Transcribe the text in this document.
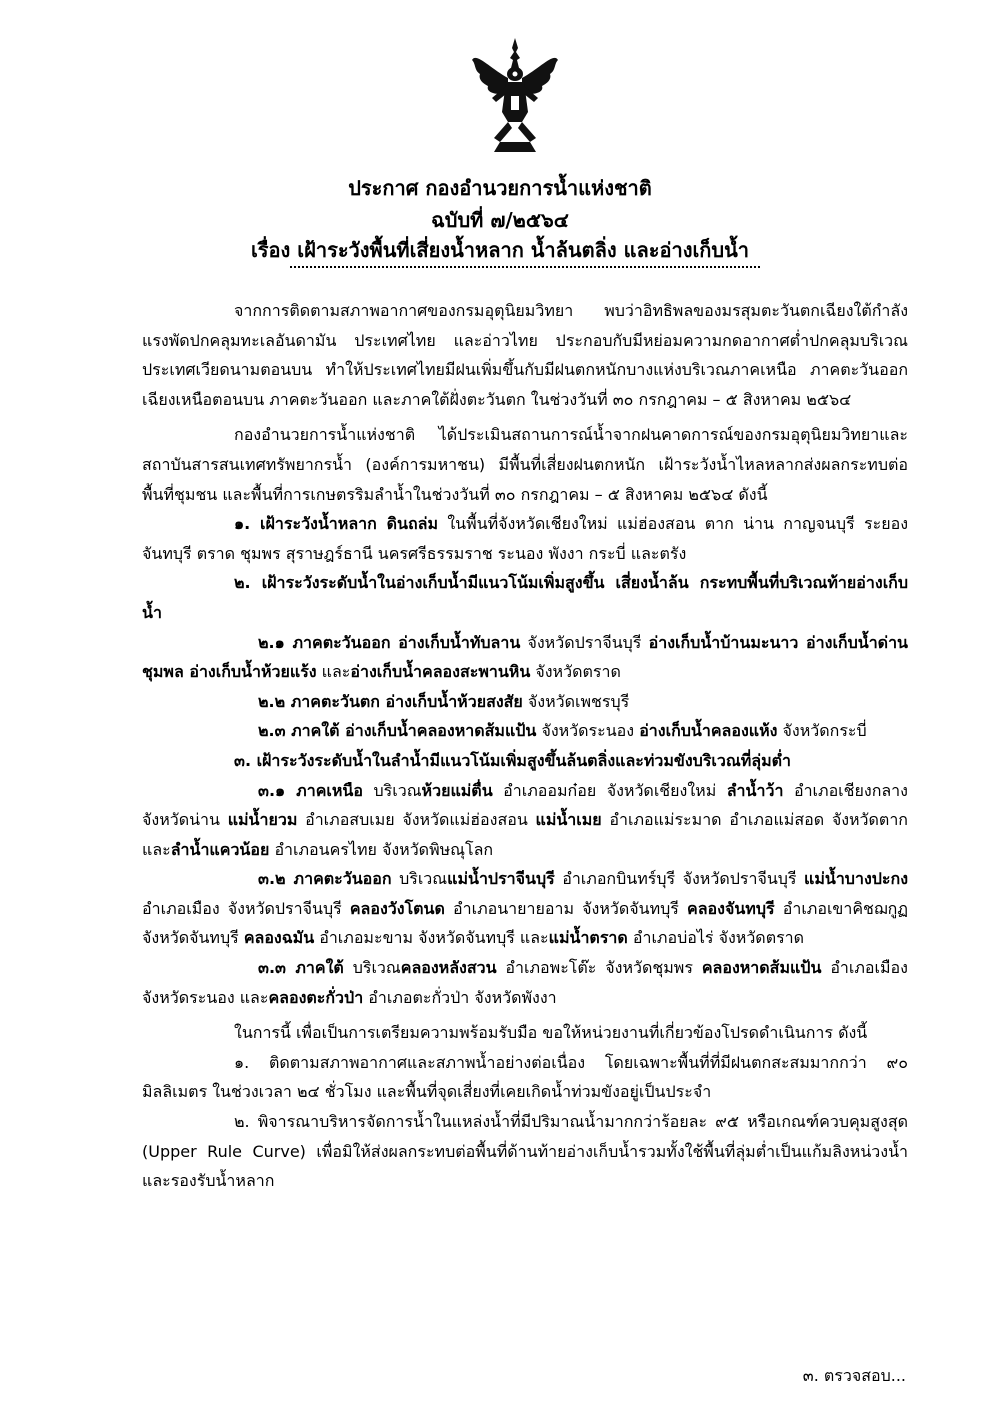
ประกาศ กองอำนวยการน้ำแห่งชาติ
ฉบับที่ ๗/๒๕๖๔
เรื่อง เฝ้าระวังพื้นที่เสี่ยงน้ำหลาก น้ำล้นตลิ่ง และอ่างเก็บน้ำ

จากการติดตามสภาพอากาศของกรมอุตุนิยมวิทยา พบว่าอิทธิพลของมรสุมตะวันตกเฉียงใต้กำลังแรงพัดปกคลุมทะเลอันดามัน ประเทศไทย และอ่าวไทย ประกอบกับมีหย่อมความกดอากาศต่ำปกคลุมบริเวณประเทศเวียดนามตอนบน ทำให้ประเทศไทยมีฝนเพิ่มขึ้นกับมีฝนตกหนักบางแห่งบริเวณภาคเหนือ ภาคตะวันออกเฉียงเหนือตอนบน ภาคตะวันออก และภาคใต้ฝั่งตะวันตก ในช่วงวันที่ ๓๐ กรกฎาคม – ๕ สิงหาคม ๒๕๖๔

กองอำนวยการน้ำแห่งชาติ ได้ประเมินสถานการณ์น้ำจากฝนคาดการณ์ของกรมอุตุนิยมวิทยาและสถาบันสารสนเทศทรัพยากรน้ำ (องค์การมหาชน) มีพื้นที่เสี่ยงฝนตกหนัก เฝ้าระวังน้ำไหลหลากส่งผลกระทบต่อพื้นที่ชุมชน และพื้นที่การเกษตรริมลำน้ำในช่วงวันที่ ๓๐ กรกฎาคม – ๕ สิงหาคม ๒๕๖๔ ดังนี้

๑. เฝ้าระวังน้ำหลาก ดินถล่ม ในพื้นที่จังหวัดเชียงใหม่ แม่ฮ่องสอน ตาก น่าน กาญจนบุรี ระยอง จันทบุรี ตราด ชุมพร สุราษฎร์ธานี นครศรีธรรมราช ระนอง พังงา กระบี่ และตรัง

๒. เฝ้าระวังระดับน้ำในอ่างเก็บน้ำมีแนวโน้มเพิ่มสูงขึ้น เสี่ยงน้ำล้น กระทบพื้นที่บริเวณท้ายอ่างเก็บน้ำ

๒.๑ ภาคตะวันออก อ่างเก็บน้ำทับลาน จังหวัดปราจีนบุรี อ่างเก็บน้ำบ้านมะนาว อ่างเก็บน้ำด่านชุมพล อ่างเก็บน้ำห้วยแร้ง และอ่างเก็บน้ำคลองสะพานหิน จังหวัดตราด

๒.๒ ภาคตะวันตก อ่างเก็บน้ำห้วยสงสัย จังหวัดเพชรบุรี

๒.๓ ภาคใต้ อ่างเก็บน้ำคลองหาดส้มแป้น จังหวัดระนอง อ่างเก็บน้ำคลองแห้ง จังหวัดกระบี่

๓. เฝ้าระวังระดับน้ำในลำน้ำมีแนวโน้มเพิ่มสูงขึ้นล้นตลิ่งและท่วมขังบริเวณที่ลุ่มต่ำ

๓.๑ ภาคเหนือ บริเวณห้วยแม่ตื่น อำเภออมก๋อย จังหวัดเชียงใหม่ ลำน้ำว้า อำเภอเชียงกลาง จังหวัดน่าน แม่น้ำยวม อำเภอสบเมย จังหวัดแม่ฮ่องสอน แม่น้ำเมย อำเภอแม่ระมาด อำเภอแม่สอด จังหวัดตาก และลำน้ำแควน้อย อำเภอนครไทย จังหวัดพิษณุโลก

๓.๒ ภาคตะวันออก บริเวณแม่น้ำปราจีนบุรี อำเภอกบินทร์บุรี จังหวัดปราจีนบุรี แม่น้ำบางปะกง อำเภอเมือง จังหวัดปราจีนบุรี คลองวังโตนด อำเภอนายายอาม จังหวัดจันทบุรี คลองจันทบุรี อำเภอเขาคิชฌกูฏ จังหวัดจันทบุรี คลองฉมัน อำเภอมะขาม จังหวัดจันทบุรี และแม่น้ำตราด อำเภอบ่อไร่ จังหวัดตราด

๓.๓ ภาคใต้ บริเวณคลองหลังสวน อำเภอพะโต๊ะ จังหวัดชุมพร คลองหาดส้มแป้น อำเภอเมือง จังหวัดระนอง และคลองตะกั่วป่า อำเภอตะกั่วป่า จังหวัดพังงา

ในการนี้ เพื่อเป็นการเตรียมความพร้อมรับมือ ขอให้หน่วยงานที่เกี่ยวข้องโปรดดำเนินการ ดังนี้

๑. ติดตามสภาพอากาศและสภาพน้ำอย่างต่อเนื่อง โดยเฉพาะพื้นที่ที่มีฝนตกสะสมมากกว่า ๙๐ มิลลิเมตร ในช่วงเวลา ๒๔ ชั่วโมง และพื้นที่จุดเสี่ยงที่เคยเกิดน้ำท่วมขังอยู่เป็นประจำ

๒. พิจารณาบริหารจัดการน้ำในแหล่งน้ำที่มีปริมาณน้ำมากกว่าร้อยละ ๙๕ หรือเกณฑ์ควบคุมสูงสุด (Upper Rule Curve) เพื่อมิให้ส่งผลกระทบต่อพื้นที่ด้านท้ายอ่างเก็บน้ำรวมทั้งใช้พื้นที่ลุ่มต่ำเป็นแก้มลิงหน่วงน้ำและรองรับน้ำหลาก

๓. ตรวจสอบ...
